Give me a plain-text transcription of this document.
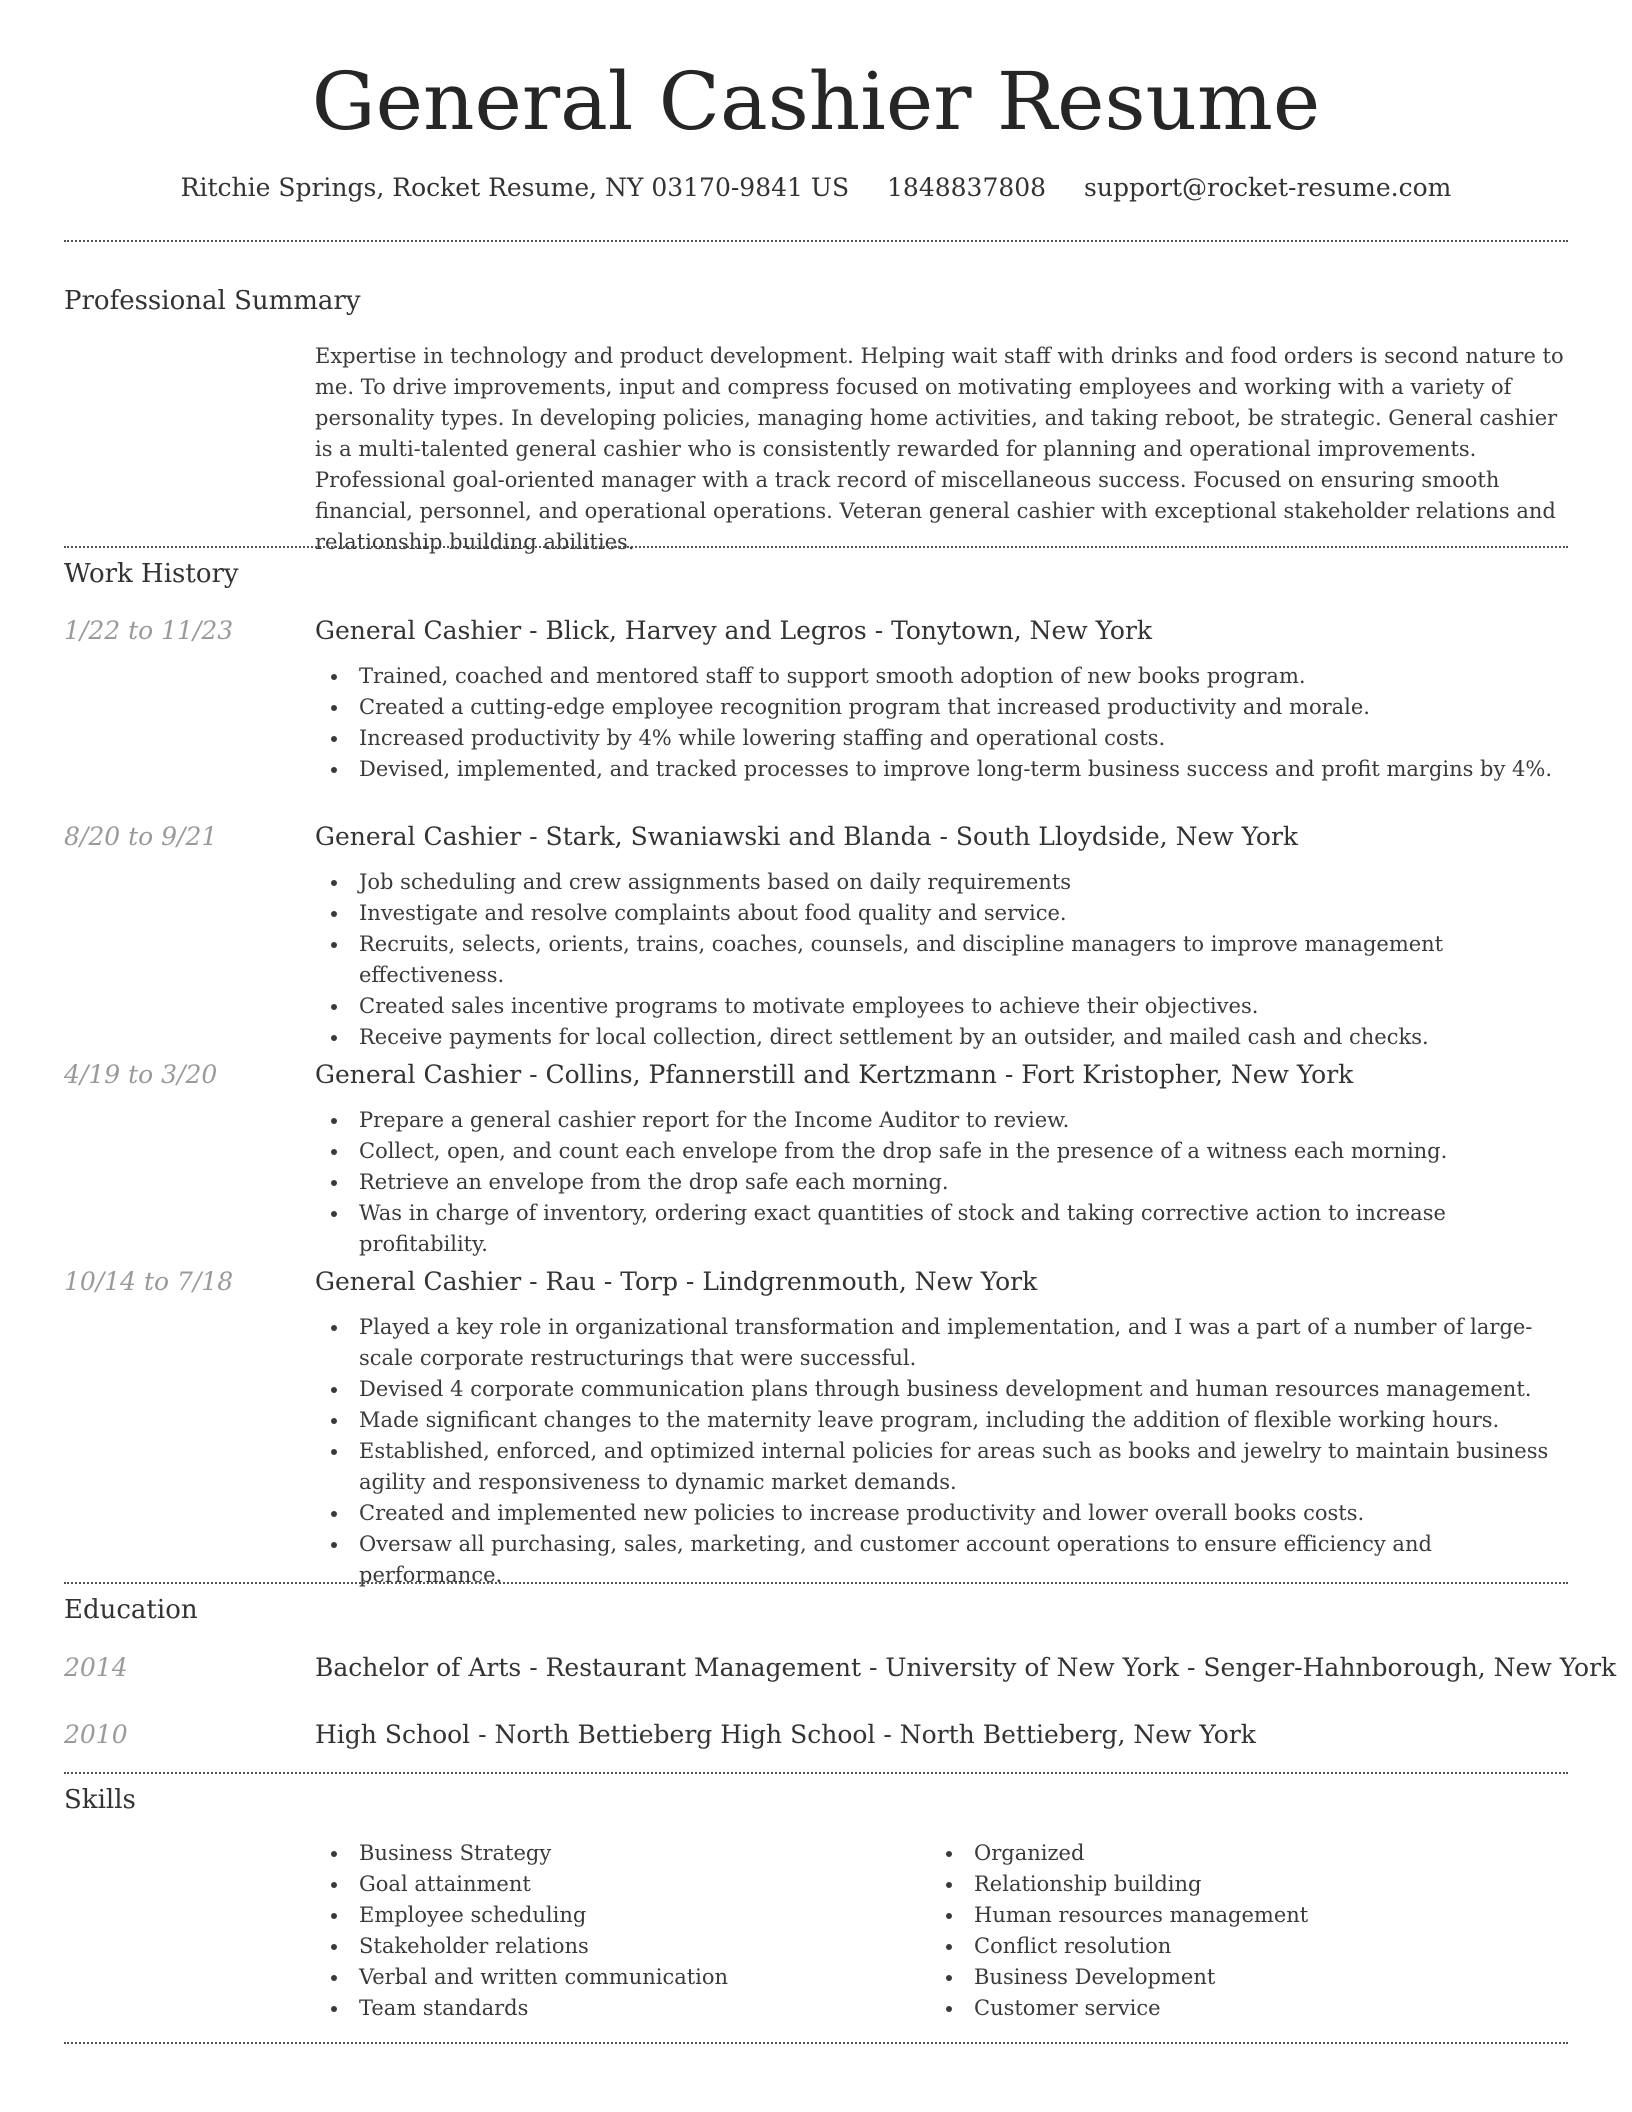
General Cashier Resume
Ritchie Springs, Rocket Resume, NY 03170-9841 US 1848837808 support@rocket-resume.com
Professional Summary
Expertise in technology and product development. Helping wait staff with drinks and food orders is second nature to me. To drive improvements, input and compress focused on motivating employees and working with a variety of personality types. In developing policies, managing home activities, and taking reboot, be strategic. General cashier is a multi-talented general cashier who is consistently rewarded for planning and operational improvements. Professional goal-oriented manager with a track record of miscellaneous success. Focused on ensuring smooth financial, personnel, and operational operations. Veteran general cashier with exceptional stakeholder relations and relationship building abilities.
Work History
1/22 to 11/23	General Cashier - Blick, Harvey and Legros - Tonytown, New York
Trained, coached and mentored staff to support smooth adoption of new books program.
Created a cutting-edge employee recognition program that increased productivity and morale.
Increased productivity by 4% while lowering staffing and operational costs.
Devised, implemented, and tracked processes to improve long-term business success and profit margins by 4%.
8/20 to 9/21	General Cashier - Stark, Swaniawski and Blanda - South Lloydside, New York
Job scheduling and crew assignments based on daily requirements
Investigate and resolve complaints about food quality and service.
Recruits, selects, orients, trains, coaches, counsels, and discipline managers to improve management effectiveness.
Created sales incentive programs to motivate employees to achieve their objectives.
Receive payments for local collection, direct settlement by an outsider, and mailed cash and checks.
4/19 to 3/20	General Cashier - Collins, Pfannerstill and Kertzmann - Fort Kristopher, New York
Prepare a general cashier report for the Income Auditor to review.
Collect, open, and count each envelope from the drop safe in the presence of a witness each morning.
Retrieve an envelope from the drop safe each morning.
Was in charge of inventory, ordering exact quantities of stock and taking corrective action to increase profitability.
10/14 to 7/18	General Cashier - Rau - Torp - Lindgrenmouth, New York
Played a key role in organizational transformation and implementation, and I was a part of a number of large-scale corporate restructurings that were successful.
Devised 4 corporate communication plans through business development and human resources management.
Made significant changes to the maternity leave program, including the addition of flexible working hours.
Established, enforced, and optimized internal policies for areas such as books and jewelry to maintain business agility and responsiveness to dynamic market demands.
Created and implemented new policies to increase productivity and lower overall books costs.
Oversaw all purchasing, sales, marketing, and customer account operations to ensure efficiency and performance.
Education
2014	Bachelor of Arts - Restaurant Management - University of New York - Senger-Hahnborough, New York
2010	High School - North Bettieberg High School - North Bettieberg, New York
Skills
Business Strategy
Goal attainment
Employee scheduling
Stakeholder relations
Verbal and written communication
Team standards
Organized
Relationship building
Human resources management
Conflict resolution
Business Development
Customer service
